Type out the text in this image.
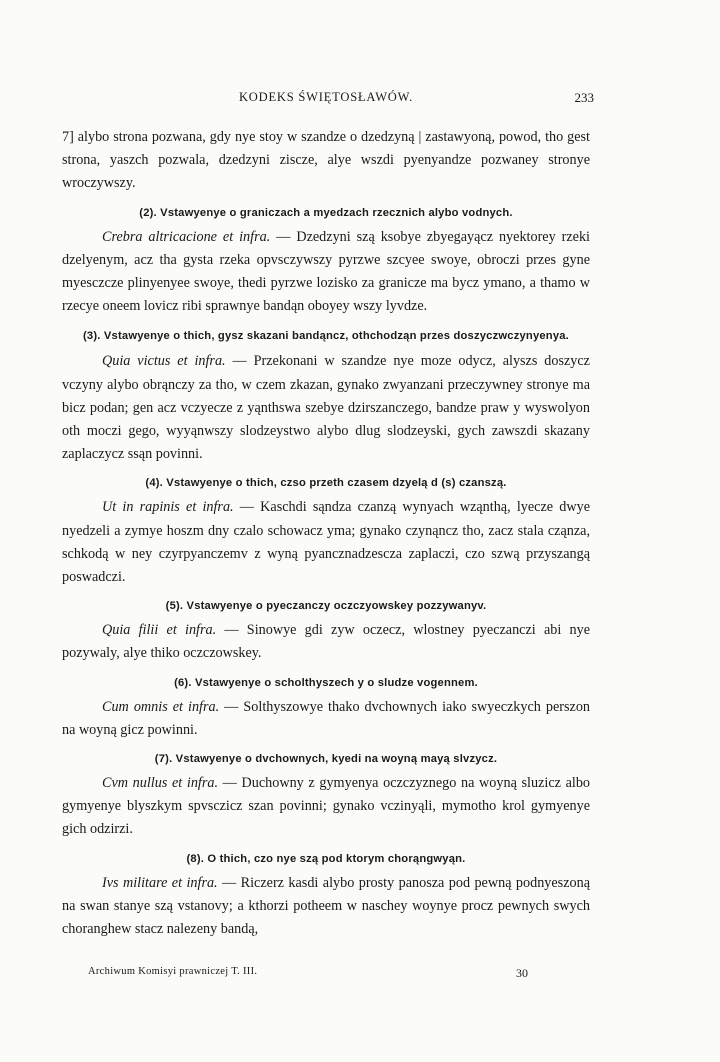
KODEKS ŚWIĘTOSŁAWÓW.	233

7] alybo strona pozwana, gdy nye stoy w szandze o dzedzyną | zastawyoną, powod, tho gest strona, yaszch pozwala, dzedzyni ziscze, alye wszdi pyenyandze pozwaney stronye wroczywszy.

(2). Vstawyenye o graniczach a myedzach rzecznich alybo vodnych.

Crebra altricacione et infra. — Dzedzyni szą ksobye zbyegayącz nyektorey rzeki dzelyenym, acz tha gysta rzeka opvsczywszy pyrzwe szcyee swoye, obroczi przes gyne myesczcze plinyenyee swoye, thedi pyrzwe lozisko za granicze ma bycz ymano, a thamo w rzecye oneem lovicz ribi sprawnye bandąn oboyey wszy lyvdze.

(3). Vstawyenye o thich, gysz skazani bandąncz, othchodząn przes doszyczwczynyenya.

Quia victus et infra. — Przekonani w szandze nye moze odycz, alyszs doszycz vczyny alybo obrąnczy za tho, w czem zkazan, gynako zwyanzani przeczywney stronye ma bicz podan; gen acz vczyecze z yąnthswa szebye dzirszanczego, bandze praw y wyswolyon oth moczi gego, wyyąnwszy slodzeystwo alybo dlug slodzeyski, gych zawszdi skazany zaplaczycz ssąn povinni.

(4). Vstawyenye o thich, czso przeth czasem dzyelą d (s) czanszą.

Ut in rapinis et infra. — Kaschdi sąndza czanzą wynyach wząnthą, lyecze dwye nyedzeli a zymye hoszm dny czalo schowacz yma; gynako czynąncz tho, zacz stala cząnza, schkodą w ney czyrpyanczemv z wyną pyancznadzescza zaplaczi, czo szwą przyszangą poswadczi.

(5). Vstawyenye o pyeczanczy oczczyowskey pozzywanyv.

Quia filii et infra. — Sinowye gdi zyw oczecz, wlostney pyeczanczi abi nye pozywaly, alye thiko oczczowskey.

(6). Vstawyenye o scholthyszech y o sludze vogennem.

Cum omnis et infra. — Solthyszowye thako dvchownych iako swyeczkych perszon na woyną gicz powinni.

(7). Vstawyenye o dvchownych, kyedi na woyną mayą slvzycz.

Cvm nullus et infra. — Duchowny z gymyenya oczczyznego na woyną sluzicz albo gymyenye blyszkym spvsczicz szan povinni; gynako vczinyąli, mymotho krol gymyenye gich odzirzi.

(8). O thich, czo nye szą pod ktorym chorąngwyąn.

Ivs militare et infra. — Riczerz kasdi alybo prosty panosza pod pewną podnyeszoną na swan stanye szą vstanovy; a kthorzi potheem w naschey woynye procz pewnych swych choranghew stacz nalezeny bandą,

Archiwum Komisyi prawniczej T. III.	30
